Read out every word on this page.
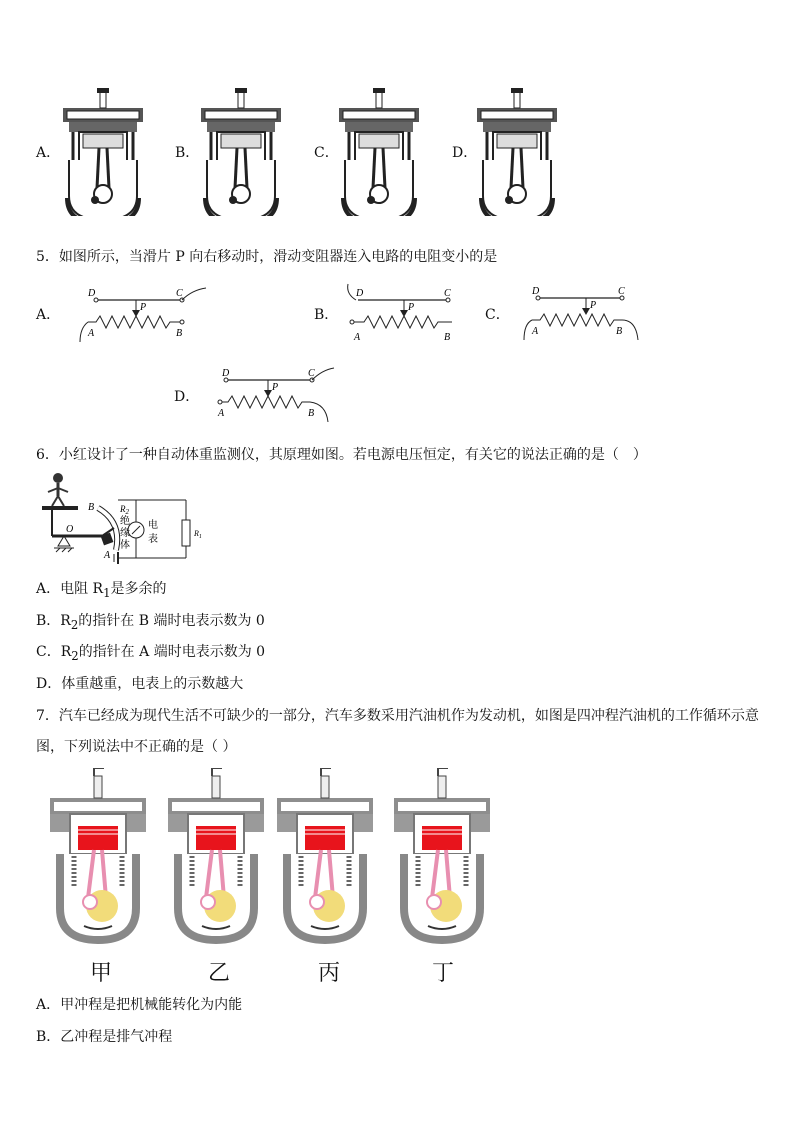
A．	B．	C．	D．
5．如图所示，当滑片 P 向右移动时，滑动变阻器连入电路的电阻变小的是
A．
D	C
P
A	B
B．
D	C
P
A	B
C．
D	C
P
A	B
D．
D	C
P
A	B
6．小红设计了一种自动体重监测仪，其原理如图。若电源电压恒定，有关它的说法正确的是（　）
B
O
A
$R_2$
$R_1$
绝
缘
体
电
表
A．电阻 $R_1$是多余的
B．$R_2$的指针在 B 端时电表示数为 0
C．$R_2$的指针在 A 端时电表示数为 0
D．体重越重，电表上的示数越大
7．汽车已经成为现代生活不可缺少的一部分，汽车多数采用汽油机作为发动机，如图是四冲程汽油机的工作循环示意
图，下列说法中不正确的是（ ）
甲	乙	丙	丁
A．甲冲程是把机械能转化为内能
B．乙冲程是排气冲程
